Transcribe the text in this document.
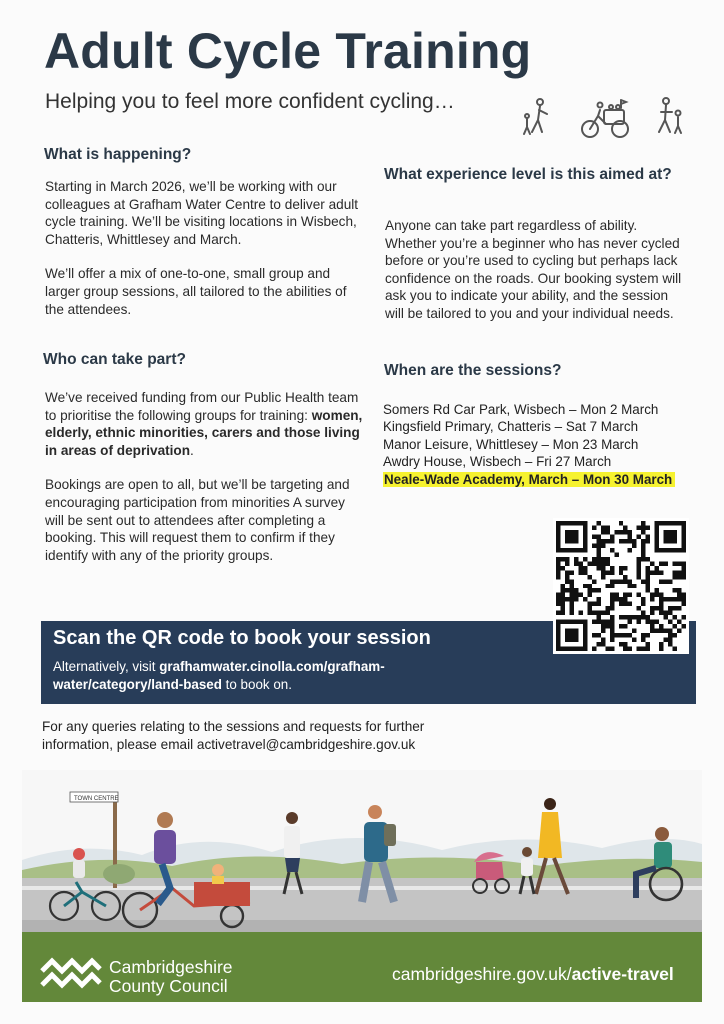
Adult Cycle Training
Helping you to feel more confident cycling…
What is happening?

Starting in March 2026, we’ll be working with our colleagues at Grafham Water Centre to deliver adult cycle training. We’ll be visiting locations in Wisbech, Chatteris, Whittlesey and March.

We’ll offer a mix of one-to-one, small group and larger group sessions, all tailored to the abilities of the attendees.

Who can take part?

We’ve received funding from our Public Health team to prioritise the following groups for training: women, elderly, ethnic minorities, carers and those living in areas of deprivation.

Bookings are open to all, but we’ll be targeting and encouraging participation from minorities A survey will be sent out to attendees after completing a booking. This will request them to confirm if they identify with any of the priority groups.

What experience level is this aimed at?
Anyone can take part regardless of ability. Whether you’re a beginner who has never cycled before or you’re used to cycling but perhaps lack confidence on the roads. Our booking system will ask you to indicate your ability, and the session will be tailored to you and your individual needs.
When are the sessions?
Somers Rd Car Park, Wisbech – Mon 2 March
Kingsfield Primary, Chatteris – Sat 7 March
Manor Leisure, Whittlesey – Mon 23 March
Awdry House, Wisbech – Fri 27 March
Neale-Wade Academy, March – Mon 30 March
Scan the QR code to book your session
Alternatively, visit grafhamwater.cinolla.com/grafham-water/category/land-based to book on.
For any queries relating to the sessions and requests for further information, please email activetravel@cambridgeshire.gov.uk
TOWN CENTRE
Cambridgeshire
County Council
cambridgeshire.gov.uk/active-travel
